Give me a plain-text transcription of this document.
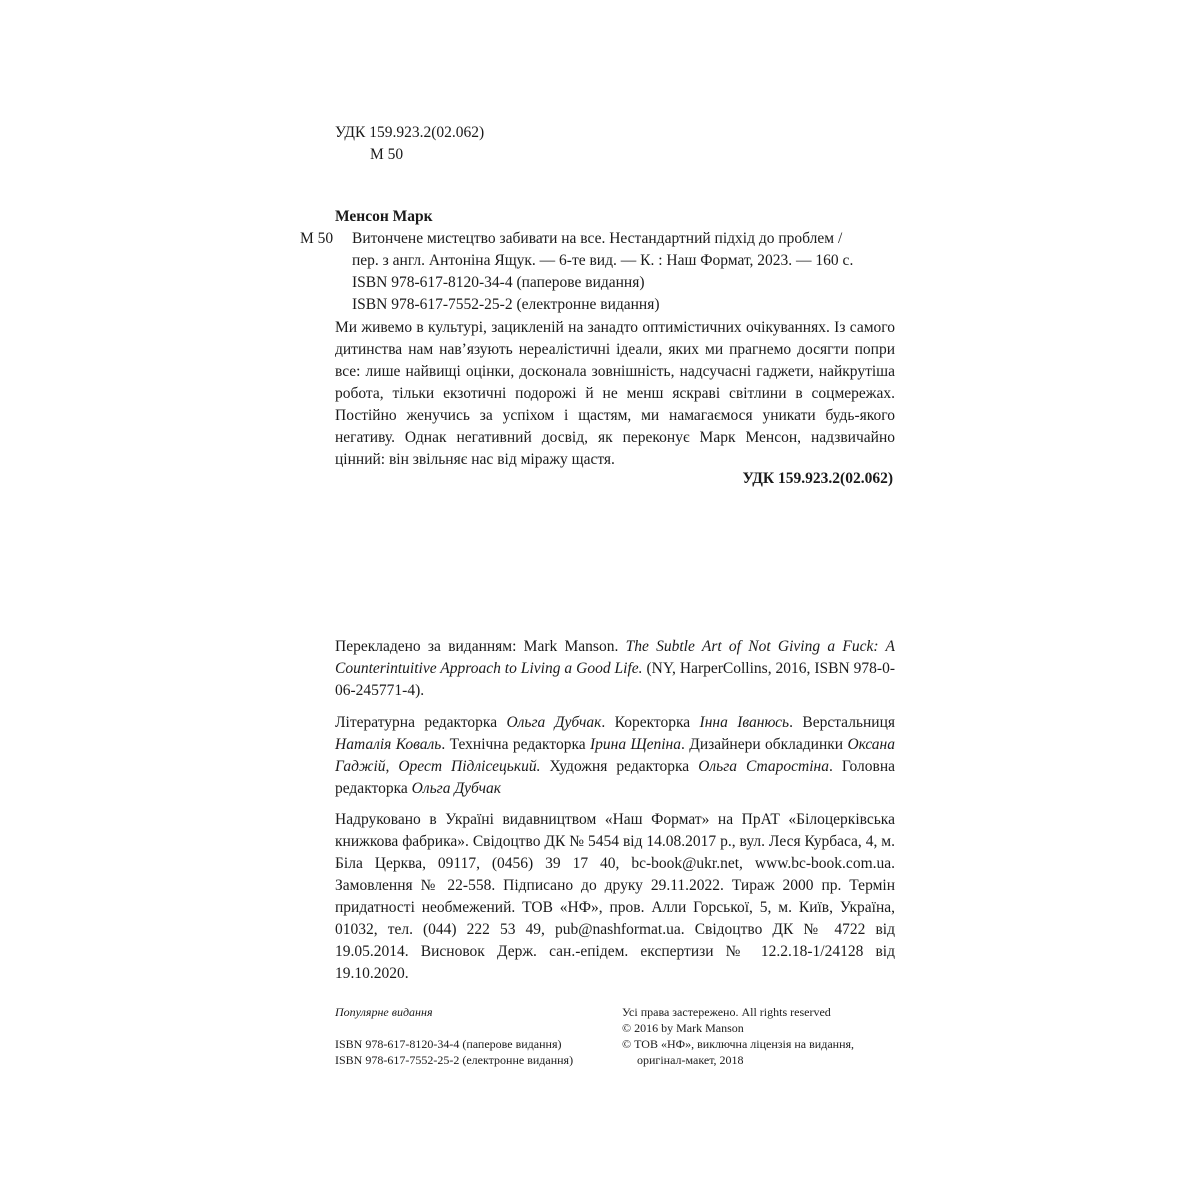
УДК 159.923.2(02.062)
М 50
Менсон Марк
М 50	Витончене мистецтво забивати на все. Нестандартний підхід до проблем /
пер. з англ. Антоніна Ящук. — 6-те вид. — К. : Наш Формат, 2023. — 160 с.
ISBN 978-617-8120-34-4 (паперове видання)
ISBN 978-617-7552-25-2 (електронне видання)
Ми живемо в культурі, зацикленій на занадто оптимістичних очікуваннях. Із самого дитинства нам нав’язують нереалістичні ідеали, яких ми прагнемо досягти попри все: лише найвищі оцінки, досконала зовнішність, надсучасні гаджети, найкрутіша робота, тільки екзотичні подорожі й не менш яскраві світлини в соцмережах. Постійно женучись за успіхом і щастям, ми намагаємося уникати будь-якого негативу. Однак негативний досвід, як переконує Марк Менсон, надзвичайно цінний: він звільняє нас від міражу щастя.
УДК 159.923.2(02.062)
Перекладено за виданням: Mark Manson. The Subtle Art of Not Giving a Fuck: A Counterintuitive Approach to Living a Good Life. (NY, HarperCollins, 2016, ISBN 978-0-06-245771-4).
Літературна редакторка Ольга Дубчак. Коректорка Інна Іванюсь. Верстальниця Наталія Коваль. Технічна редакторка Ірина Щепіна. Дизайнери обкладинки Оксана Гаджій, Орест Підлісецький. Художня редакторка Ольга Старостіна. Головна редакторка Ольга Дубчак
Надруковано в Україні видавництвом «Наш Формат» на ПрАТ «Білоцерківська книжкова фабрика». Свідоцтво ДК № 5454 від 14.08.2017 р., вул. Леся Курбаса, 4, м. Біла Церква, 09117, (0456) 39 17 40, bc-book@ukr.net, www.bc-book.com.ua. Замовлення № 22-558. Підписано до друку 29.11.2022. Тираж 2000 пр. Термін придатності необмежений. ТОВ «НФ», пров. Алли Горської, 5, м. Київ, Україна, 01032, тел. (044) 222 53 49, pub@nashformat.ua. Свідоцтво ДК № 4722 від 19.05.2014. Висновок Держ. сан.-епідем. експертизи № 12.2.18-1/24128 від 19.10.2020.
Популярне видання
ISBN 978-617-8120-34-4 (паперове видання)
ISBN 978-617-7552-25-2 (електронне видання)
Усі права застережено. All rights reserved
© 2016 by Mark Manson
© ТОВ «НФ», виключна ліцензія на видання,
оригінал-макет, 2018
